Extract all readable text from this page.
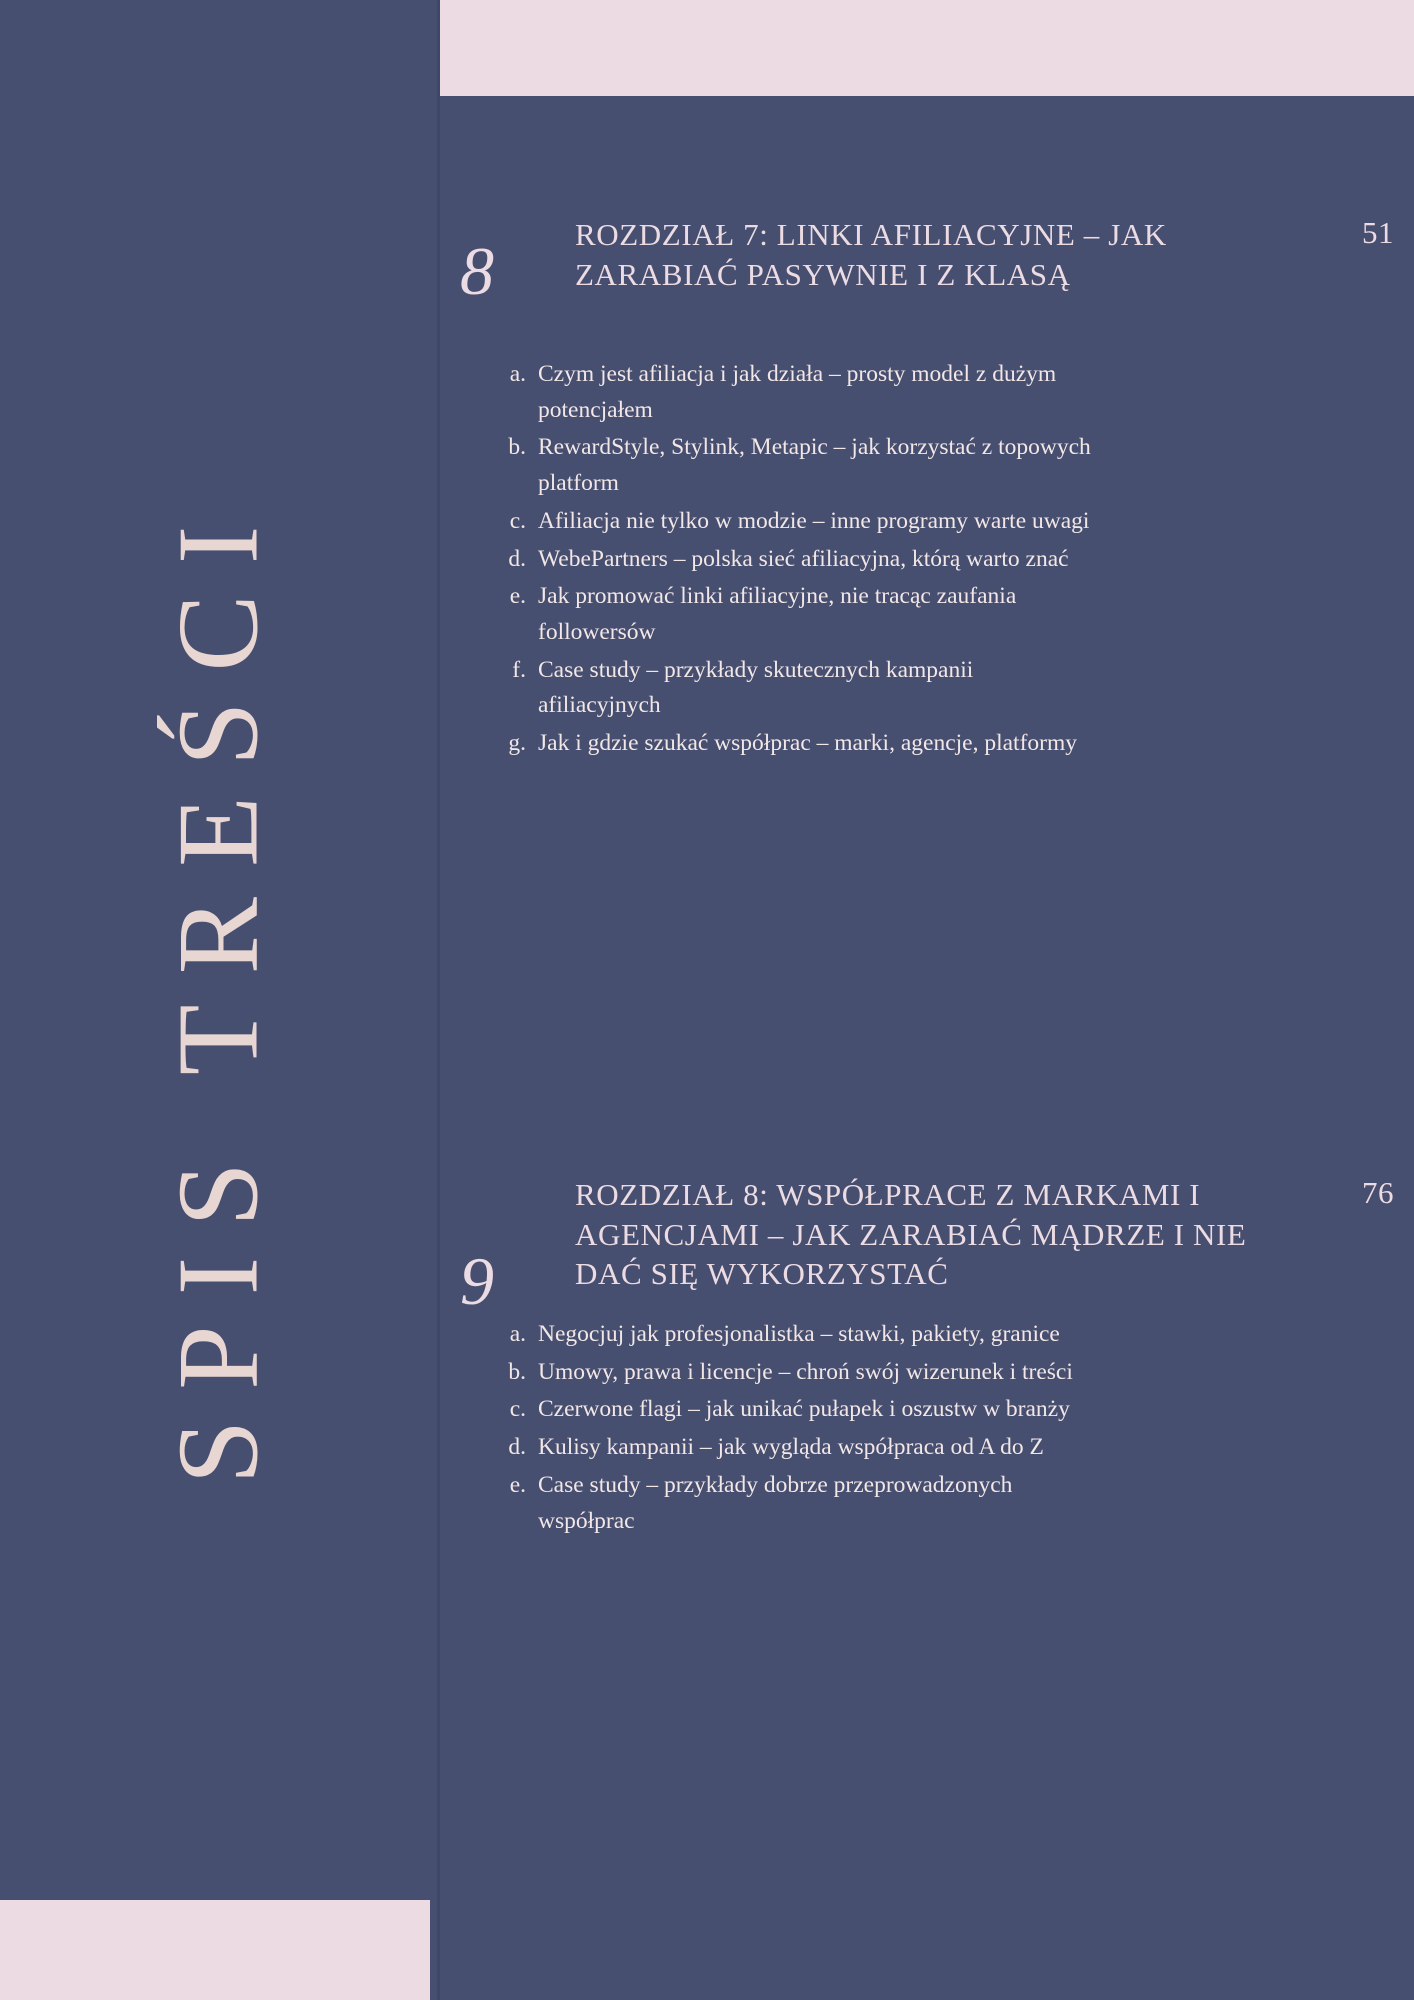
SPIS TREŚCI
8	ROZDZIAŁ 7: LINKI AFILIACYJNE – JAK ZARABIAĆ PASYWNIE I Z KLASĄ
51
a. Czym jest afiliacja i jak działa – prosty model z dużym potencjałem
b. RewardStyle, Stylink, Metapic – jak korzystać z topowych platform
c. Afiliacja nie tylko w modzie – inne programy warte uwagi
d. WebePartners – polska sieć afiliacyjna, którą warto znać
e. Jak promować linki afiliacyjne, nie tracąc zaufania followersów
f. Case study – przykłady skutecznych kampanii afiliacyjnych
g. Jak i gdzie szukać współprac – marki, agencje, platformy
9
ROZDZIAŁ 8: WSPÓŁPRACE Z MARKAMI I AGENCJAMI – JAK ZARABIAĆ MĄDRZE I NIE DAĆ SIĘ WYKORZYSTAĆ
76
a. Negocjuj jak profesjonalistka – stawki, pakiety, granice
b. Umowy, prawa i licencje – chroń swój wizerunek i treści
c. Czerwone flagi – jak unikać pułapek i oszustw w branży
d. Kulisy kampanii – jak wygląda współpraca od A do Z
e. Case study – przykłady dobrze przeprowadzonych współprac
